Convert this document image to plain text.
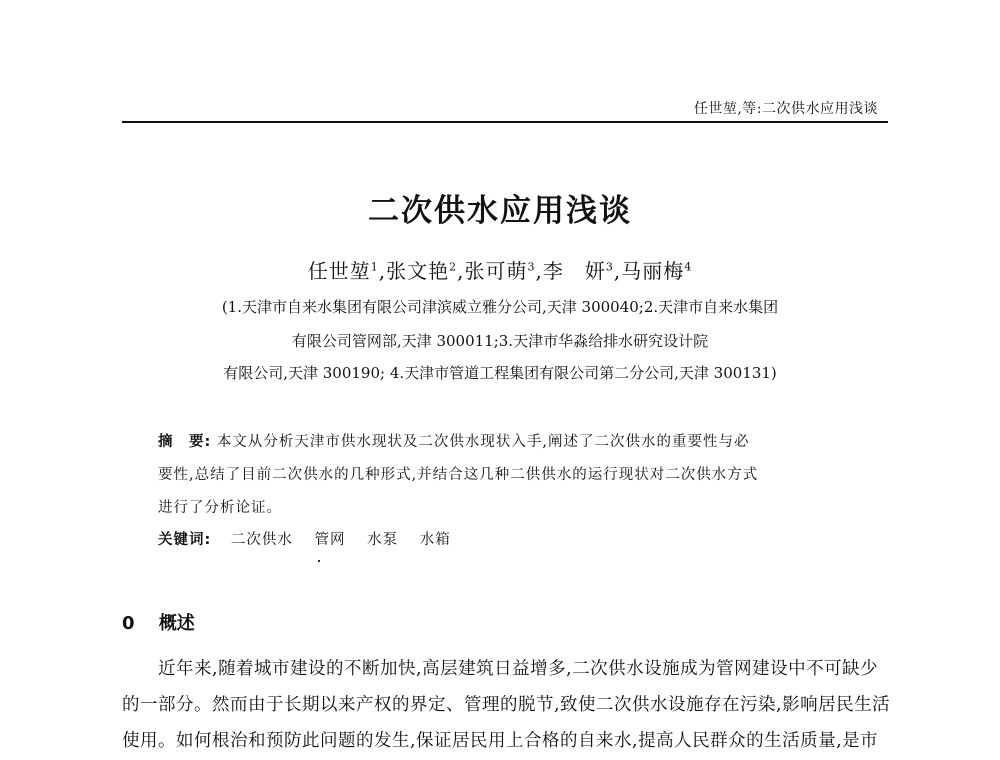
任世堃,等:二次供水应用浅谈
二次供水应用浅谈
任世堃$^1$,张文艳$^2$,张可萌$^3$,李　妍$^3$,马丽梅$^4$
(1.天津市自来水集团有限公司津滨威立雅分公司,天津 300040;2.天津市自来水集团
有限公司管网部,天津 300011;3.天津市华淼给排水研究设计院
有限公司,天津 300190; 4.天津市管道工程集团有限公司第二分公司,天津 300131)
摘　要: 本文从分析天津市供水现状及二次供水现状入手,阐述了二次供水的重要性与必
要性,总结了目前二次供水的几种形式,并结合这几种二供供水的运行现状对二次供水方式
进行了分析论证。
关键词: 二次供水 管网 水泵 水箱
0 概述
近年来,随着城市建设的不断加快,高层建筑日益增多,二次供水设施成为管网建设中不可缺少
的一部分。然而由于长期以来产权的界定、管理的脱节,致使二次供水设施存在污染,影响居民生活
使用。如何根治和预防此问题的发生,保证居民用上合格的自来水,提高人民群众的生活质量,是市
